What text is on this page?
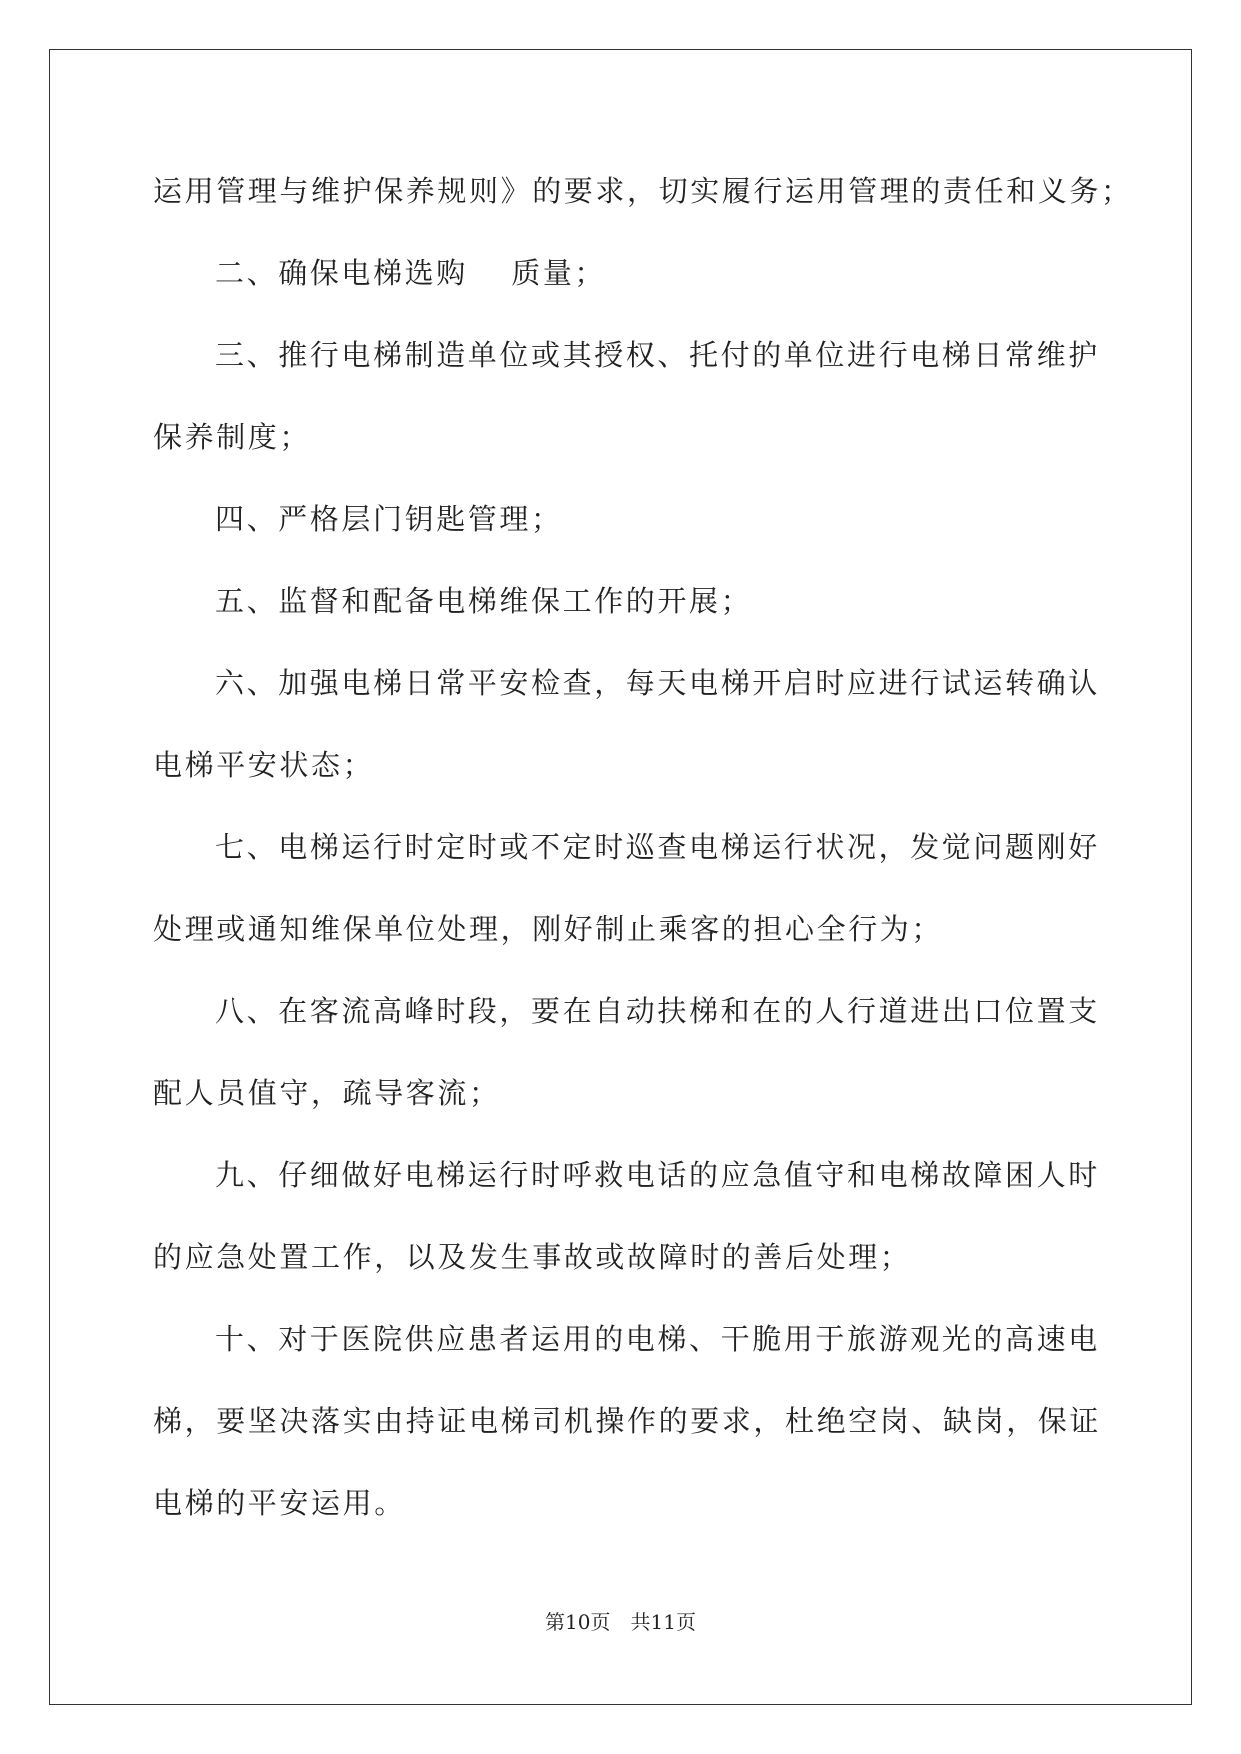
运用管理与维护保养规则》的要求，切实履行运用管理的责任和义务；
二、确保电梯选购　 质量；
三、推行电梯制造单位或其授权、托付的单位进行电梯日常维护
保养制度；
四、严格层门钥匙管理；
五、监督和配备电梯维保工作的开展；
六、加强电梯日常平安检查，每天电梯开启时应进行试运转确认
电梯平安状态；
七、电梯运行时定时或不定时巡查电梯运行状况，发觉问题刚好
处理或通知维保单位处理，刚好制止乘客的担心全行为；
八、在客流高峰时段，要在自动扶梯和在的人行道进出口位置支
配人员值守，疏导客流；
九、仔细做好电梯运行时呼救电话的应急值守和电梯故障困人时
的应急处置工作，以及发生事故或故障时的善后处理；
十、对于医院供应患者运用的电梯、干脆用于旅游观光的高速电
梯，要坚决落实由持证电梯司机操作的要求，杜绝空岗、缺岗，保证
电梯的平安运用。
第10页　共11页
